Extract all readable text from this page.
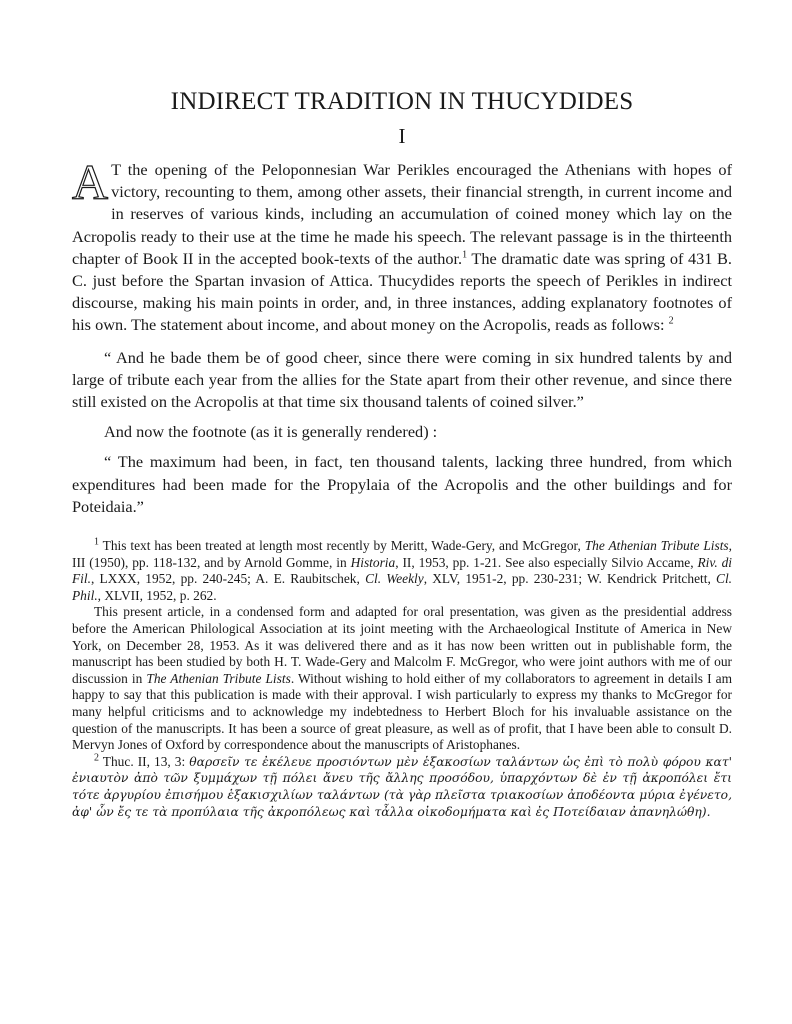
INDIRECT TRADITION IN THUCYDIDES
I

A T the opening of the Peloponnesian War Perikles encouraged the Athenians with hopes of victory, recounting to them, among other assets, their financial strength, in current income and in reserves of various kinds, including an accumulation of coined money which lay on the Acropolis ready to their use at the time he made his speech. The relevant passage is in the thirteenth chapter of Book II in the accepted book-texts of the author.$^1$ The dramatic date was spring of 431 B. C. just before the Spartan invasion of Attica. Thucydides reports the speech of Perikles in indirect discourse, making his main points in order, and, in three instances, adding explanatory footnotes of his own. The statement about income, and about money on the Acropolis, reads as follows: $^2$

“ And he bade them be of good cheer, since there were coming in six hundred talents by and large of tribute each year from the allies for the State apart from their other revenue, and since there still existed on the Acropolis at that time six thousand talents of coined silver.”

And now the footnote (as it is generally rendered) :

“ The maximum had been, in fact, ten thousand talents, lacking three hundred, from which expenditures had been made for the Propylaia of the Acropolis and the other buildings and for Poteidaia.”

$^1$ This text has been treated at length most recently by Meritt, Wade-Gery, and McGregor, The Athenian Tribute Lists, III (1950), pp. 118-132, and by Arnold Gomme, in Historia, II, 1953, pp. 1-21. See also especially Silvio Accame, Riv. di Fil., LXXX, 1952, pp. 240-245; A. E. Raubitschek, Cl. Weekly, XLV, 1951-2, pp. 230-231; W. Kendrick Pritchett, Cl. Phil., XLVII, 1952, p. 262.

This present article, in a condensed form and adapted for oral presentation, was given as the presidential address before the American Philological Association at its joint meeting with the Archaeological Institute of America in New York, on December 28, 1953. As it was delivered there and as it has now been written out in publishable form, the manuscript has been studied by both H. T. Wade-Gery and Malcolm F. McGregor, who were joint authors with me of our discussion in The Athenian Tribute Lists. Without wishing to hold either of my collaborators to agreement in details I am happy to say that this publication is made with their approval. I wish particularly to express my thanks to McGregor for many helpful criticisms and to acknowledge my indebtedness to Herbert Bloch for his invaluable assistance on the question of the manuscripts. It has been a source of great pleasure, as well as of profit, that I have been able to consult D. Mervyn Jones of Oxford by correspondence about the manuscripts of Aristophanes.

$^2$ Thuc. II, 13, 3: θαρσεῖν τε ἐκέλευε προσιόντων μὲν ἑξακοσίων ταλάντων ὡς ἐπὶ τὸ πολὺ φόρου κατ' ἐνιαυτὸν ἀπὸ τῶν ξυμμάχων τῇ πόλει ἄνευ τῆς ἄλλης προσόδου, ὑπαρχόντων δὲ ἐν τῇ ἀκροπόλει ἔτι τότε ἀργυρίου ἐπισήμου ἑξακισχιλίων ταλάντων (τὰ γὰρ πλεῖστα τριακοσίων ἀποδέοντα μύρια ἐγένετο, ἀφ' ὧν ἔς τε τὰ προπύλαια τῆς ἀκροπόλεως καὶ τἆλλα οἰκοδομήματα καὶ ἐς Ποτείδαιαν ἀπανηλώθη).
